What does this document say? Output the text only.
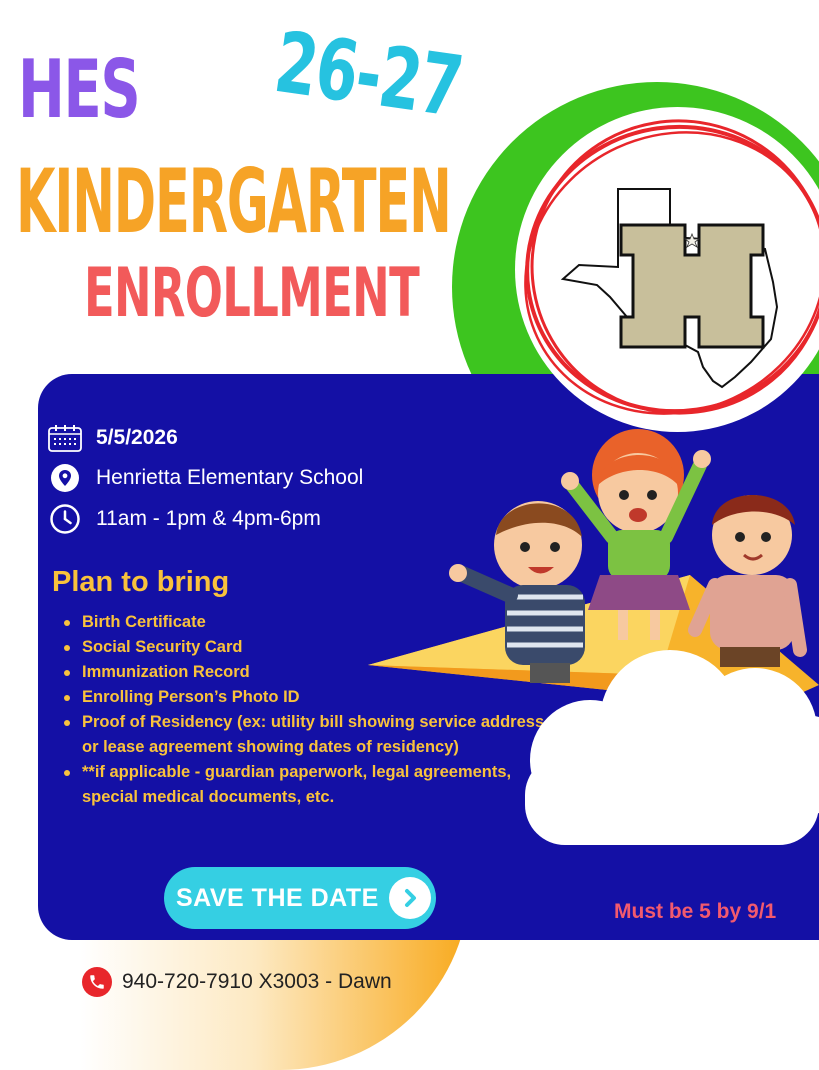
HES 26-27
KINDERGARTEN
ENROLLMENT
5/5/2026
Henrietta Elementary School
11am - 1pm & 4pm-6pm
Plan to bring
Birth Certificate
Social Security Card
Immunization Record
Enrolling Person’s Photo ID
Proof of Residency (ex: utility bill showing service address or lease agreement showing dates of residency)
**if applicable - guardian paperwork, legal agreements, special medical documents, etc.
SAVE THE DATE	Must be 5 by 9/1
940-720-7910 X3003 - Dawn
